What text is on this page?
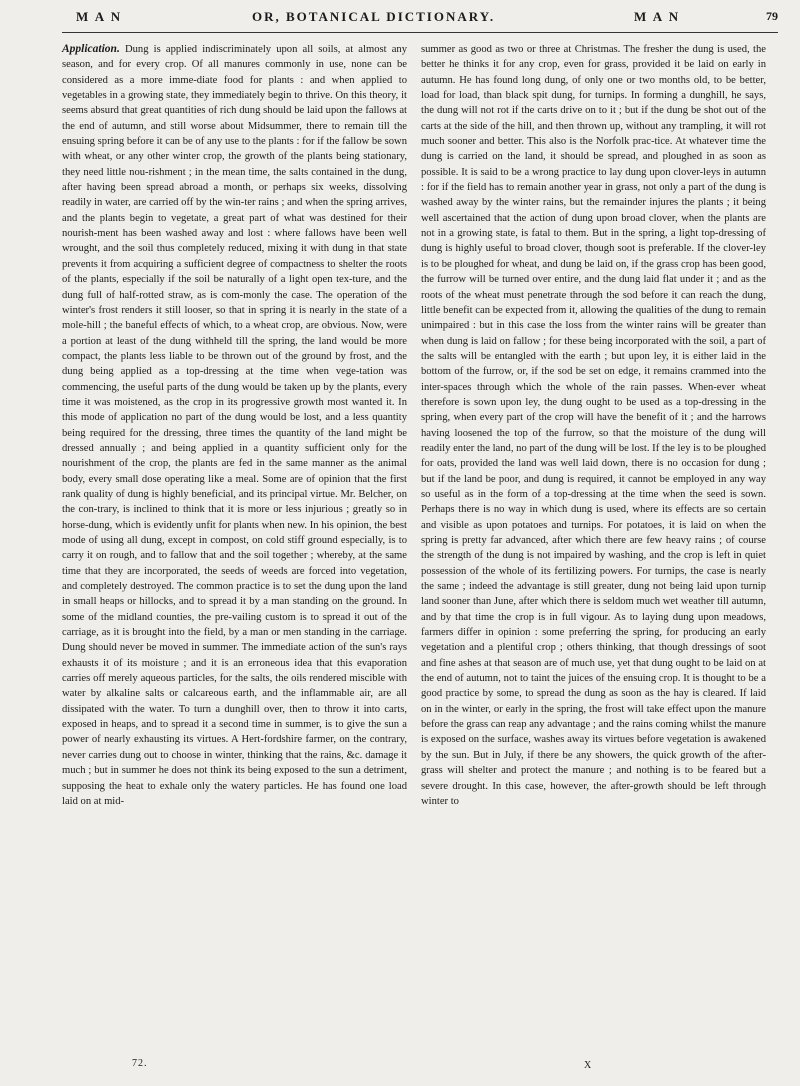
M A N	OR, BOTANICAL DICTIONARY.	M A N	79

Application. Dung is applied indiscriminately upon all soils, at almost any season, and for every crop. Of all manures commonly in use, none can be considered as a more imme-diate food for plants : and when applied to vegetables in a growing state, they immediately begin to thrive. On this theory, it seems absurd that great quantities of rich dung should be laid upon the fallows at the end of autumn, and still worse about Midsummer, there to remain till the ensuing spring before it can be of any use to the plants : for if the fallow be sown with wheat, or any other winter crop, the growth of the plants being stationary, they need little nou-rishment ; in the mean time, the salts contained in the dung, after having been spread abroad a month, or perhaps six weeks, dissolving readily in water, are carried off by the win-ter rains ; and when the spring arrives, and the plants begin to vegetate, a great part of what was destined for their nourish-ment has been washed away and lost : where fallows have been well wrought, and the soil thus completely reduced, mixing it with dung in that state prevents it from acquiring a sufficient degree of compactness to shelter the roots of the plants, especially if the soil be naturally of a light open tex-ture, and the dung full of half-rotted straw, as is com-monly the case. The operation of the winter's frost renders it still looser, so that in spring it is nearly in the state of a mole-hill ; the baneful effects of which, to a wheat crop, are obvious. Now, were a portion at least of the dung withheld till the spring, the land would be more compact, the plants less liable to be thrown out of the ground by frost, and the dung being applied as a top-dressing at the time when vege-tation was commencing, the useful parts of the dung would be taken up by the plants, every time it was moistened, as the crop in its progressive growth most wanted it. In this mode of application no part of the dung would be lost, and a less quantity being required for the dressing, three times the quantity of the land might be dressed annually ; and being applied in a quantity sufficient only for the nourishment of the crop, the plants are fed in the same manner as the animal body, every small dose operating like a meal. Some are of opinion that the first rank quality of dung is highly beneficial, and its principal virtue. Mr. Belcher, on the con-trary, is inclined to think that it is more or less injurious ; greatly so in horse-dung, which is evidently unfit for plants when new. In his opinion, the best mode of using all dung, except in compost, on cold stiff ground especially, is to carry it on rough, and to fallow that and the soil together ; whereby, at the same time that they are incorporated, the seeds of weeds are forced into vegetation, and completely destroyed. The common practice is to set the dung upon the land in small heaps or hillocks, and to spread it by a man standing on the ground. In some of the midland counties, the pre-vailing custom is to spread it out of the carriage, as it is brought into the field, by a man or men standing in the carriage. Dung should never be moved in summer. The immediate action of the sun's rays exhausts it of its moisture ; and it is an erroneous idea that this evaporation carries off merely aqueous particles, for the salts, the oils rendered miscible with water by alkaline salts or calcareous earth, and the inflammable air, are all dissipated with the water. To turn a dunghill over, then to throw it into carts, exposed in heaps, and to spread it a second time in summer, is to give the sun a power of nearly exhausting its virtues. A Hert-fordshire farmer, on the contrary, never carries dung out to choose in winter, thinking that the rains, &c. damage it much ; but in summer he does not think its being exposed to the sun a detriment, supposing the heat to exhale only the watery particles. He has found one load laid on at mid-

summer as good as two or three at Christmas. The fresher the dung is used, the better he thinks it for any crop, even for grass, provided it be laid on early in autumn. He has found long dung, of only one or two months old, to be better, load for load, than black spit dung, for turnips. In forming a dunghill, he says, the dung will not rot if the carts drive on to it ; but if the dung be shot out of the carts at the side of the hill, and then thrown up, without any trampling, it will rot much sooner and better. This also is the Norfolk prac-tice. At whatever time the dung is carried on the land, it should be spread, and ploughed in as soon as possible. It is said to be a wrong practice to lay dung upon clover-leys in autumn : for if the field has to remain another year in grass, not only a part of the dung is washed away by the winter rains, but the remainder injures the plants ; it being well ascertained that the action of dung upon broad clover, when the plants are not in a growing state, is fatal to them. But in the spring, a light top-dressing of dung is highly useful to broad clover, though soot is preferable. If the clover-ley is to be ploughed for wheat, and dung be laid on, if the grass crop has been good, the furrow will be turned over entire, and the dung laid flat under it ; and as the roots of the wheat must penetrate through the sod before it can reach the dung, little benefit can be expected from it, allowing the qualities of the dung to remain unimpaired : but in this case the loss from the winter rains will be greater than when dung is laid on fallow ; for these being incorporated with the soil, a part of the salts will be entangled with the earth ; but upon ley, it is either laid in the bottom of the furrow, or, if the sod be set on edge, it remains crammed into the inter-spaces through which the whole of the rain passes. When-ever wheat therefore is sown upon ley, the dung ought to be used as a top-dressing in the spring, when every part of the crop will have the benefit of it ; and the harrows having loosened the top of the furrow, so that the moisture of the dung will readily enter the land, no part of the dung will be lost. If the ley is to be ploughed for oats, provided the land was well laid down, there is no occasion for dung ; but if the land be poor, and dung is required, it cannot be employed in any way so useful as in the form of a top-dressing at the time when the seed is sown. Perhaps there is no way in which dung is used, where its effects are so certain and visible as upon potatoes and turnips. For potatoes, it is laid on when the spring is pretty far advanced, after which there are few heavy rains ; of course the strength of the dung is not impaired by washing, and the crop is left in quiet possession of the whole of its fertilizing powers. For turnips, the case is nearly the same ; indeed the advantage is still greater, dung not being laid upon turnip land sooner than June, after which there is seldom much wet weather till autumn, and by that time the crop is in full vigour. As to laying dung upon meadows, farmers differ in opinion : some preferring the spring, for producing an early vegetation and a plentiful crop ; others thinking, that though dressings of soot and fine ashes at that season are of much use, yet that dung ought to be laid on at the end of autumn, not to taint the juices of the ensuing crop. It is thought to be a good practice by some, to spread the dung as soon as the hay is cleared. If laid on in the winter, or early in the spring, the frost will take effect upon the manure before the grass can reap any advantage ; and the rains coming whilst the manure is exposed on the surface, washes away its virtues before vegetation is awakened by the sun. But in July, if there be any showers, the quick growth of the after-grass will shelter and protect the manure ; and nothing is to be feared but a severe drought. In this case, however, the after-growth should be left through winter to

72.	X
